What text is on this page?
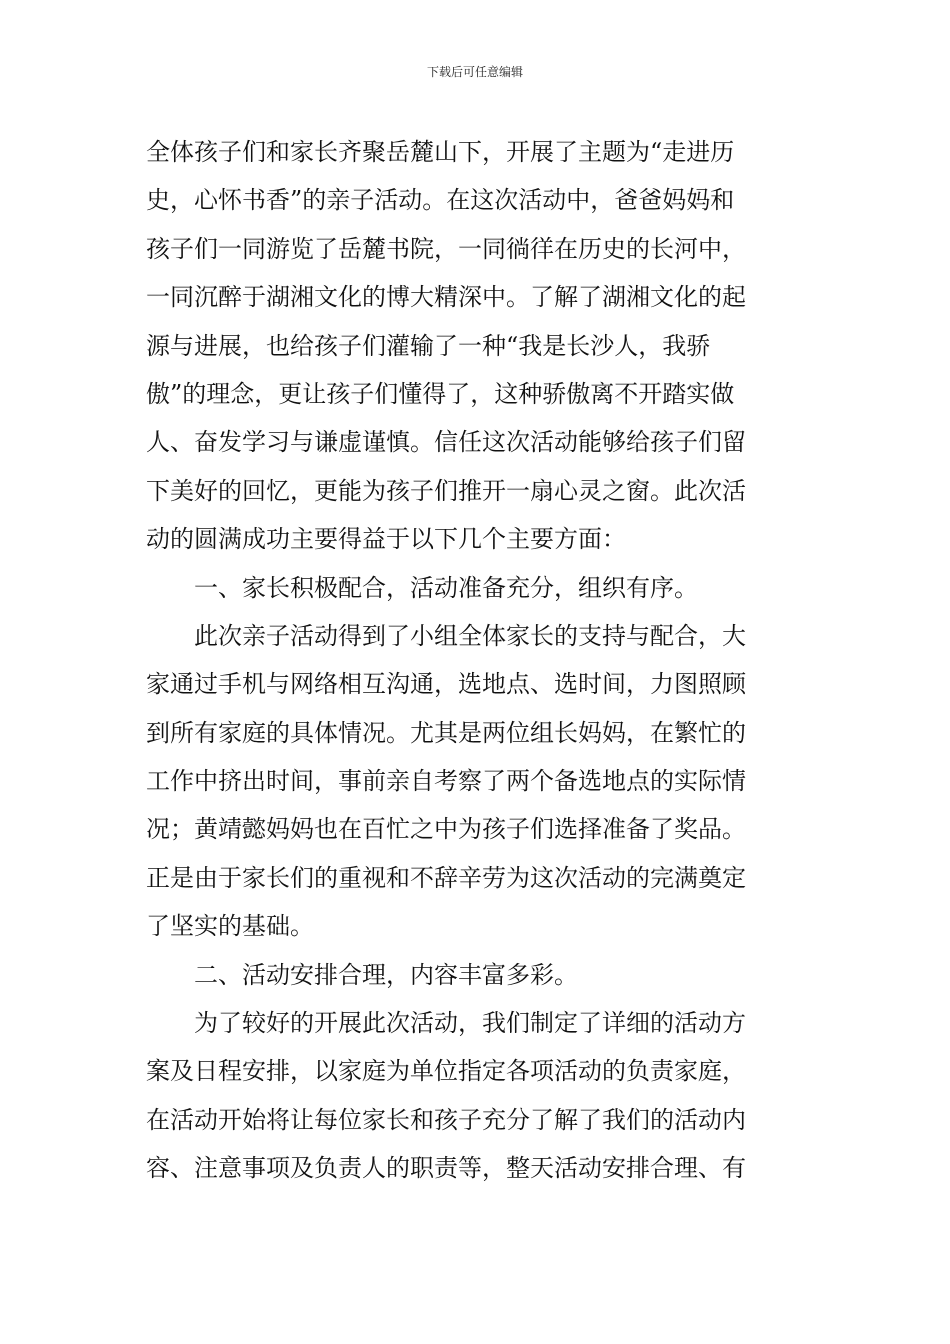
下载后可任意编辑
全体孩子们和家长齐聚岳麓山下，开展了主题为“走进历
史，心怀书香”的亲子活动。在这次活动中，爸爸妈妈和
孩子们一同游览了岳麓书院，一同徜徉在历史的长河中，
一同沉醉于湖湘文化的博大精深中。了解了湖湘文化的起
源与进展，也给孩子们灌输了一种“我是长沙人，我骄
傲”的理念，更让孩子们懂得了，这种骄傲离不开踏实做
人、奋发学习与谦虚谨慎。信任这次活动能够给孩子们留
下美好的回忆，更能为孩子们推开一扇心灵之窗。此次活
动的圆满成功主要得益于以下几个主要方面：
一、家长积极配合，活动准备充分，组织有序。
此次亲子活动得到了小组全体家长的支持与配合，大
家通过手机与网络相互沟通，选地点、选时间，力图照顾
到所有家庭的具体情况。尤其是两位组长妈妈，在繁忙的
工作中挤出时间，事前亲自考察了两个备选地点的实际情
况；黄靖懿妈妈也在百忙之中为孩子们选择准备了奖品。
正是由于家长们的重视和不辞辛劳为这次活动的完满奠定
了坚实的基础。
二、活动安排合理，内容丰富多彩。
为了较好的开展此次活动，我们制定了详细的活动方
案及日程安排，以家庭为单位指定各项活动的负责家庭，
在活动开始将让每位家长和孩子充分了解了我们的活动内
容、注意事项及负责人的职责等，整天活动安排合理、有
